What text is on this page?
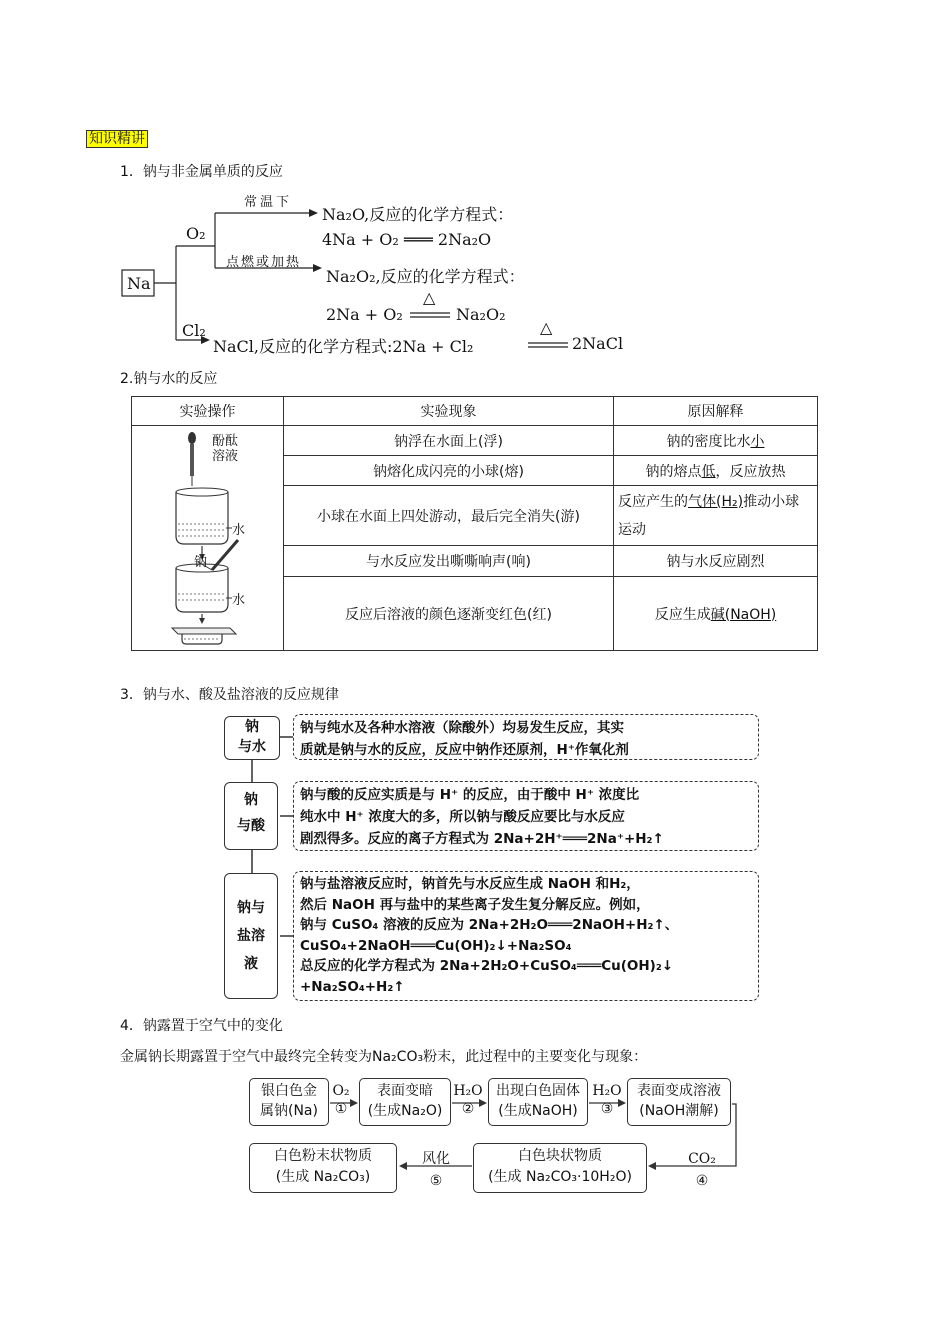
知识精讲
1．钠与非金属单质的反应
Na
O₂
Cl₂
常温下
点燃或加热
Na₂O,反应的化学方程式：
4Na + O₂ ═══ 2Na₂O
Na₂O₂,反应的化学方程式：
2Na + O₂
△
Na₂O₂
NaCl,反应的化学方程式:2Na + Cl₂
△
2NaCl
2.钠与水的反应
实验操作	实验现象	原因解释

酚酞
溶液
水
钠
水	钠浮在水面上(浮)	钠的密度比水小
	钠熔化成闪亮的小球(熔)	钠的熔点低，反应放热
	小球在水面上四处游动，最后完全消失(游)	反应产生的气体(H₂)推动小球运动
	与水反应发出嘶嘶响声(响)	钠与水反应剧烈
	反应后溶液的颜色逐渐变红色(红)	反应生成碱(NaOH)
3．钠与水、酸及盐溶液的反应规律
钠
与水
钠
与酸
钠与
盐溶
液
钠与纯水及各种水溶液（除酸外）均易发生反应，其实
质就是钠与水的反应，反应中钠作还原剂，H⁺作氧化剂
钠与酸的反应实质是与 H⁺ 的反应，由于酸中 H⁺ 浓度比
纯水中 H⁺ 浓度大的多，所以钠与酸反应要比与水反应
剧烈得多。反应的离子方程式为 2Na+2H⁺═══2Na⁺+H₂↑
钠与盐溶液反应时，钠首先与水反应生成 NaOH 和H₂，
然后 NaOH 再与盐中的某些离子发生复分解反应。例如，
钠与 CuSO₄ 溶液的反应为 2Na+2H₂O═══2NaOH+H₂↑、
CuSO₄+2NaOH═══Cu(OH)₂↓+Na₂SO₄
总反应的化学方程式为 2Na+2H₂O+CuSO₄═══Cu(OH)₂↓
+Na₂SO₄+H₂↑
4．钠露置于空气中的变化
金属钠长期露置于空气中最终完全转变为Na₂CO₃粉末，此过程中的主要变化与现象：
银白色金
属钠(Na)
表面变暗
(生成Na₂O)
出现白色固体
(生成NaOH)
表面变成溶液
(NaOH潮解)
白色块状物质
(生成 Na₂CO₃·10H₂O)
白色粉末状物质
(生成 Na₂CO₃)
O₂
①
H₂O
②
H₂O
③
CO₂
④
风化
⑤
